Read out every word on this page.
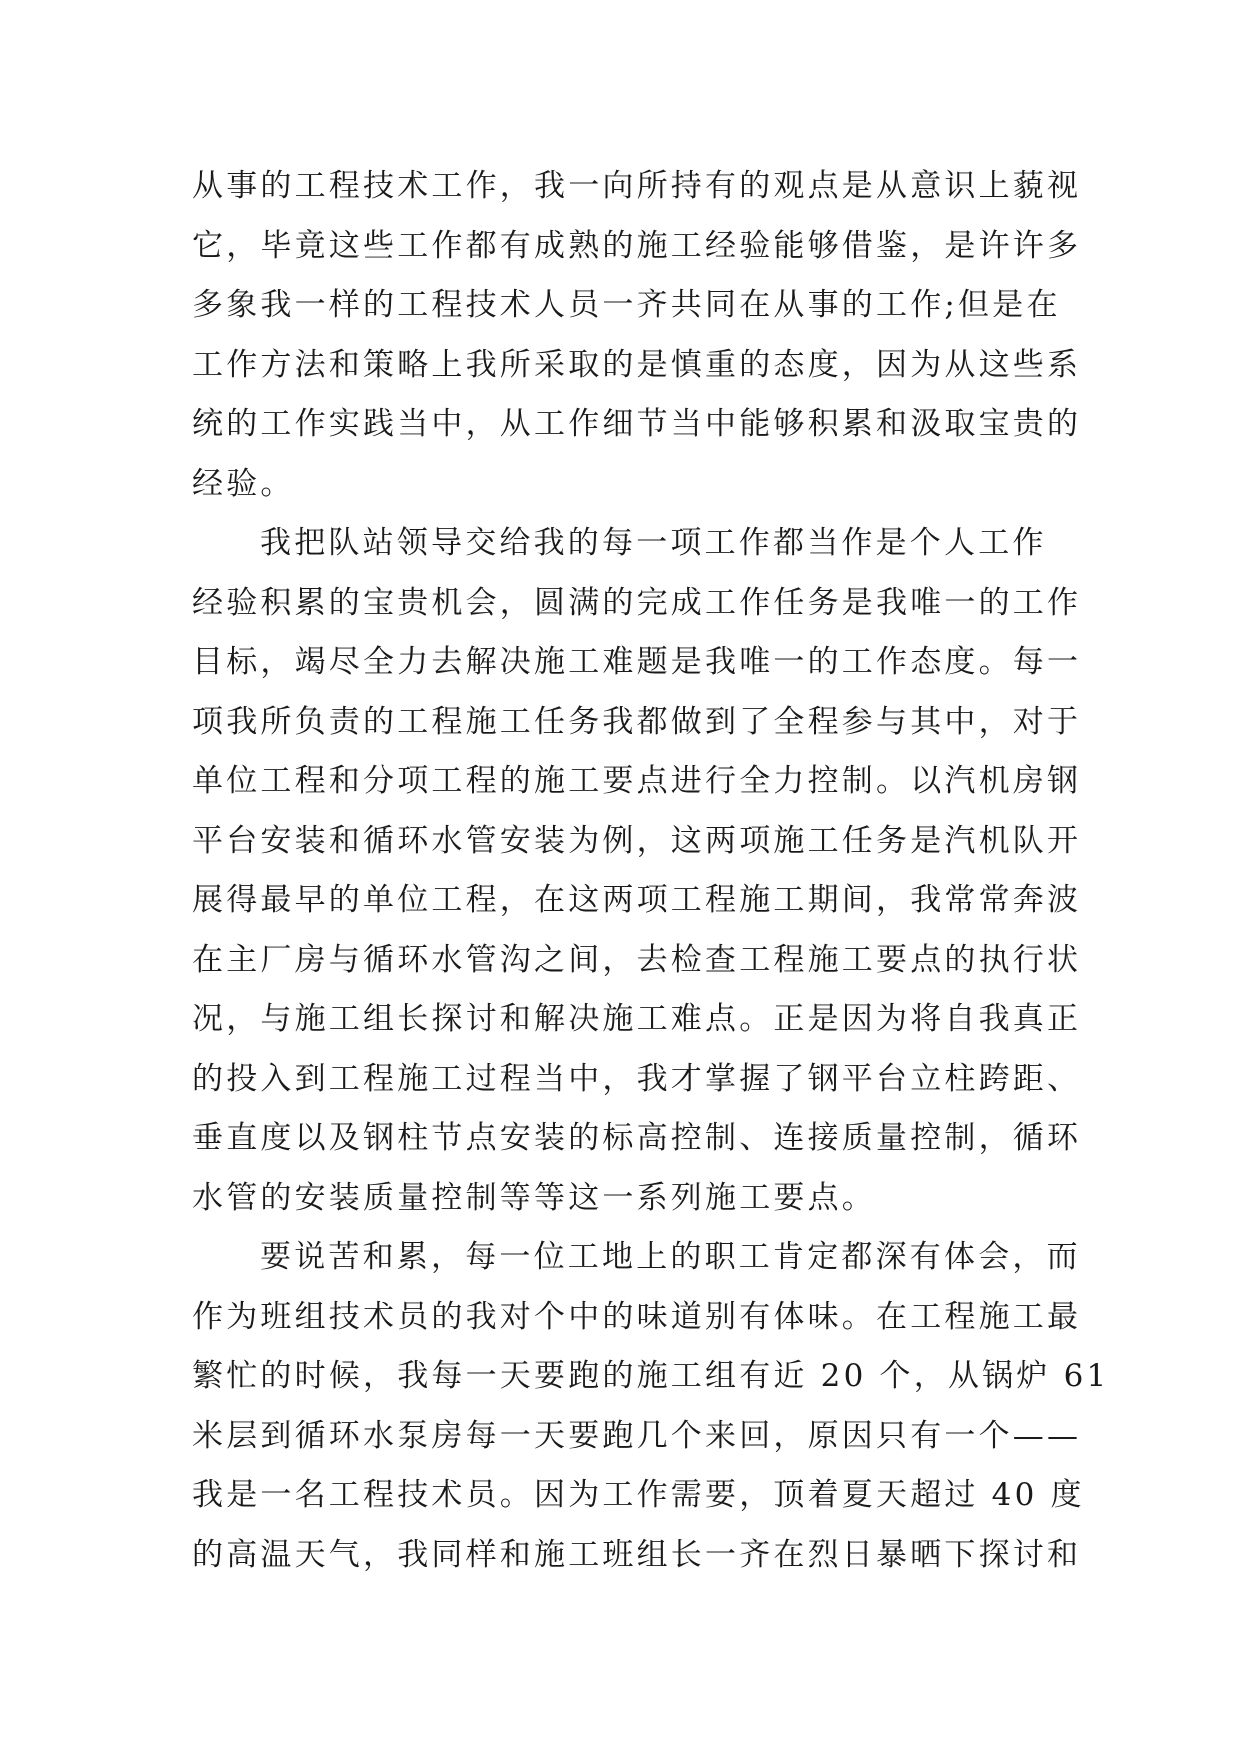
从事的工程技术工作，我一向所持有的观点是从意识上藐视
它，毕竟这些工作都有成熟的施工经验能够借鉴，是许许多
多象我一样的工程技术人员一齐共同在从事的工作;但是在
工作方法和策略上我所采取的是慎重的态度，因为从这些系
统的工作实践当中，从工作细节当中能够积累和汲取宝贵的
经验。
我把队站领导交给我的每一项工作都当作是个人工作
经验积累的宝贵机会，圆满的完成工作任务是我唯一的工作
目标，竭尽全力去解决施工难题是我唯一的工作态度。每一
项我所负责的工程施工任务我都做到了全程参与其中，对于
单位工程和分项工程的施工要点进行全力控制。以汽机房钢
平台安装和循环水管安装为例，这两项施工任务是汽机队开
展得最早的单位工程，在这两项工程施工期间，我常常奔波
在主厂房与循环水管沟之间，去检查工程施工要点的执行状
况，与施工组长探讨和解决施工难点。正是因为将自我真正
的投入到工程施工过程当中，我才掌握了钢平台立柱跨距、
垂直度以及钢柱节点安装的标高控制、连接质量控制，循环
水管的安装质量控制等等这一系列施工要点。
要说苦和累，每一位工地上的职工肯定都深有体会，而
作为班组技术员的我对个中的味道别有体味。在工程施工最
繁忙的时候，我每一天要跑的施工组有近 20 个，从锅炉 61
米层到循环水泵房每一天要跑几个来回，原因只有一个——
我是一名工程技术员。因为工作需要，顶着夏天超过 40 度
的高温天气，我同样和施工班组长一齐在烈日暴晒下探讨和
